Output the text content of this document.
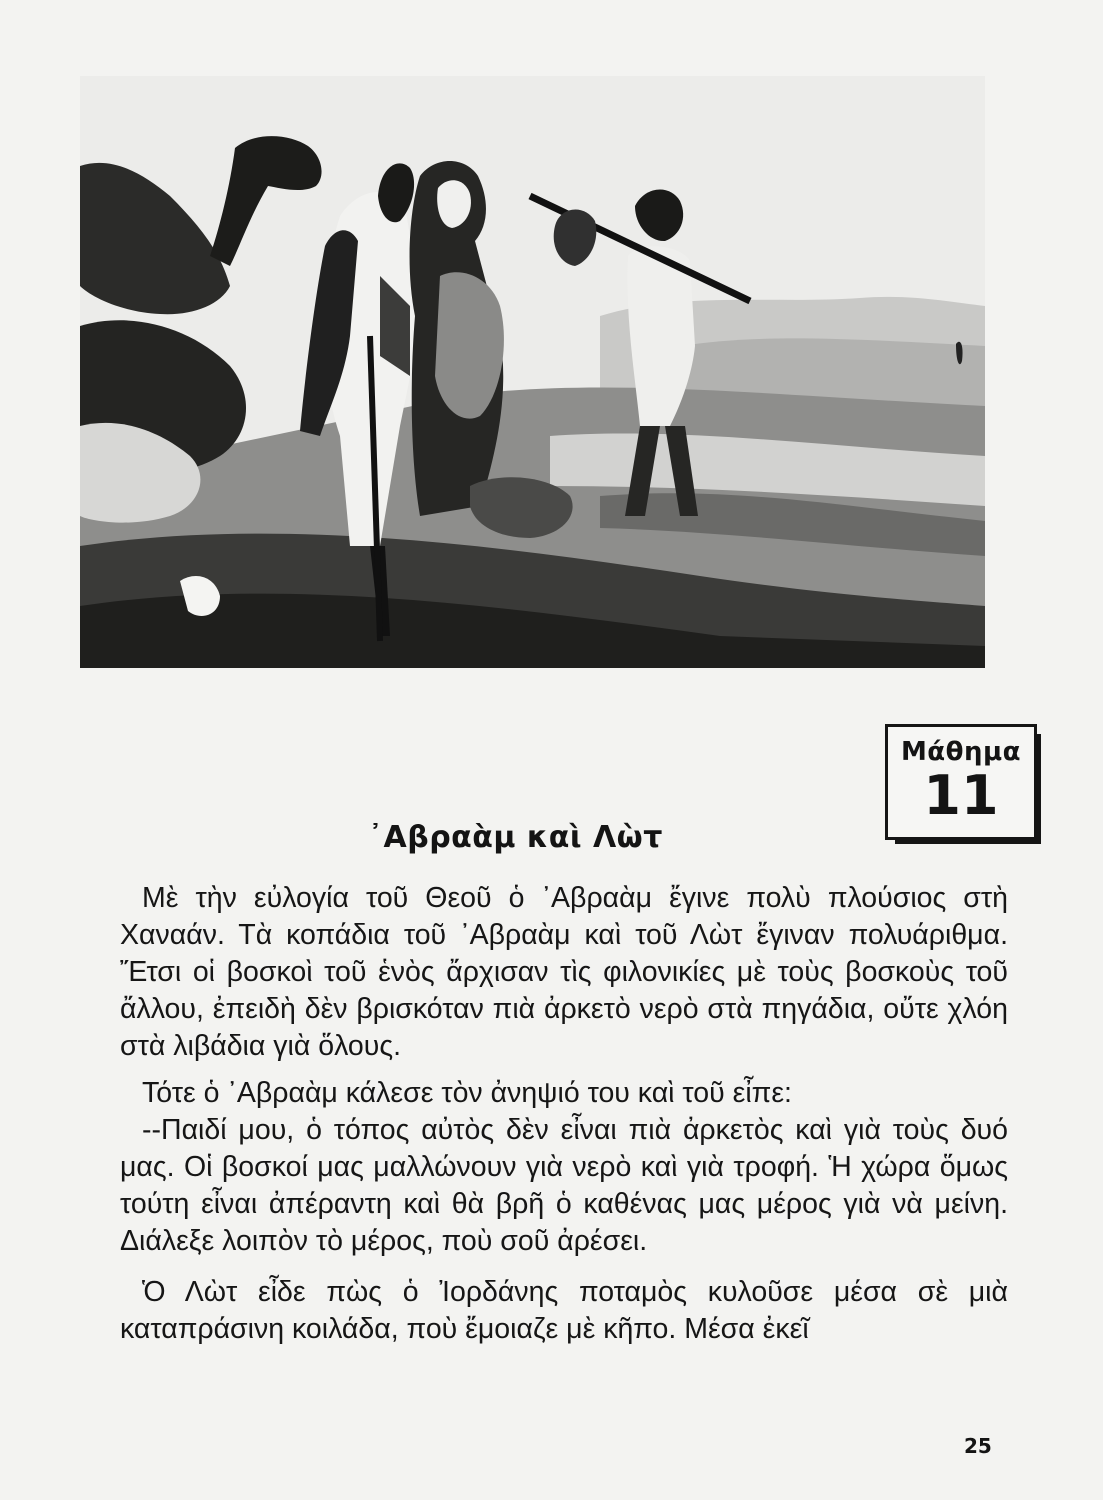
Μάθημα
11
᾿Αβραὰμ καὶ Λὼτ

Μὲ τὴν εὐλογία τοῦ Θεοῦ ὁ ᾿Αβραὰμ ἔγινε πολὺ πλούσιος στὴ Χαναάν. Τὰ κοπάδια τοῦ ᾿Αβραὰμ καὶ τοῦ Λὼτ ἔγιναν πολυάριθμα. Ἔτσι οἱ βοσκοὶ τοῦ ἑνὸς ἄρχισαν τὶς φιλονικίες μὲ τοὺς βοσκοὺς τοῦ ἄλλου, ἐπειδὴ δὲν βρισκόταν πιὰ ἀρκετὸ νερὸ στὰ πηγάδια, οὔτε χλόη στὰ λιβάδια γιὰ ὅλους.

Τότε ὁ ᾿Αβραὰμ κάλεσε τὸν ἀνηψιό του καὶ τοῦ εἶπε:

--Παιδί μου, ὁ τόπος αὐτὸς δὲν εἶναι πιὰ ἀρκετὸς καὶ γιὰ τοὺς δυό μας. Οἱ βοσκοί μας μαλλώνουν γιὰ νερὸ καὶ γιὰ τροφή. Ἡ χώρα ὅμως τούτη εἶναι ἀπέραντη καὶ θὰ βρῆ ὁ καθένας μας μέρος γιὰ νὰ μείνη. Διάλεξε λοιπὸν τὸ μέρος, ποὺ σοῦ ἀρέσει.

Ὁ Λὼτ εἶδε πὼς ὁ Ἰορδάνης ποταμὸς κυλοῦσε μέσα σὲ μιὰ καταπράσινη κοιλάδα, ποὺ ἔμοιαζε μὲ κῆπο. Μέσα ἐκεῖ

25
